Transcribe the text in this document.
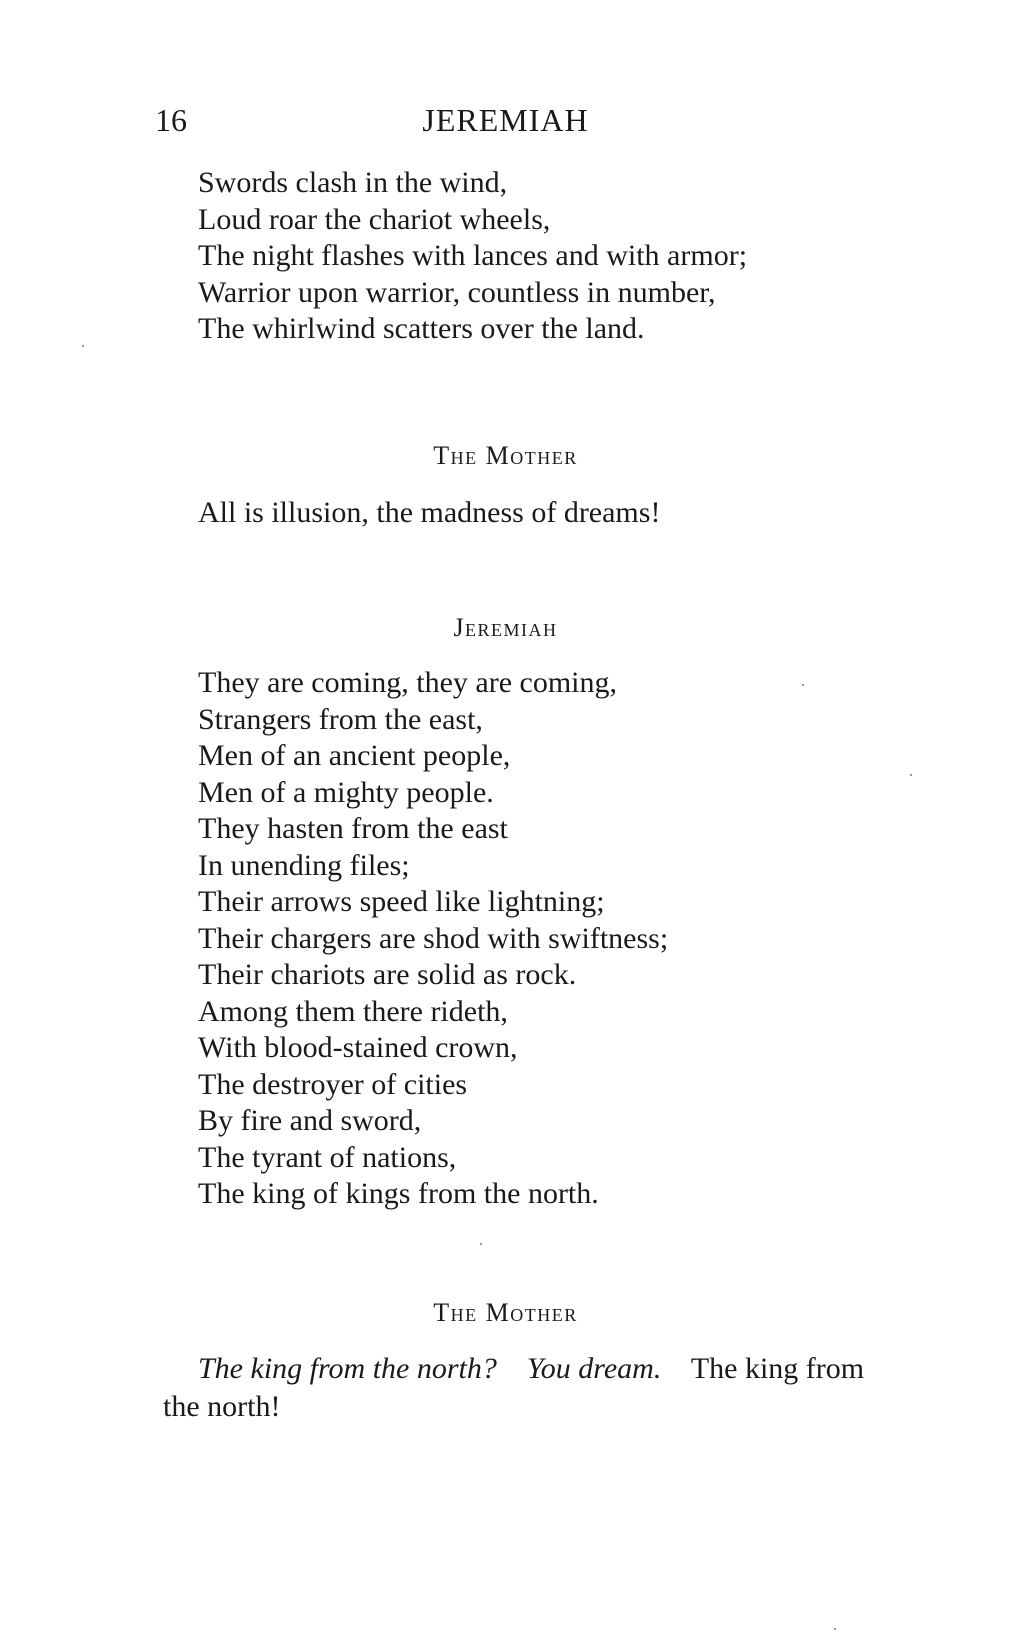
16	JEREMIAH
Swords clash in the wind,
Loud roar the chariot wheels,
The night flashes with lances and with armor;
Warrior upon warrior, countless in number,
The whirlwind scatters over the land.
The Mother
All is illusion, the madness of dreams!
Jeremiah
They are coming, they are coming,
Strangers from the east,
Men of an ancient people,
Men of a mighty people.
They hasten from the east
In unending files;
Their arrows speed like lightning;
Their chargers are shod with swiftness;
Their chariots are solid as rock.
Among them there rideth,
With blood-stained crown,
The destroyer of cities
By fire and sword,
The tyrant of nations,
The king of kings from the north.
The Mother
The king from the north? You dream. The king from the north!
